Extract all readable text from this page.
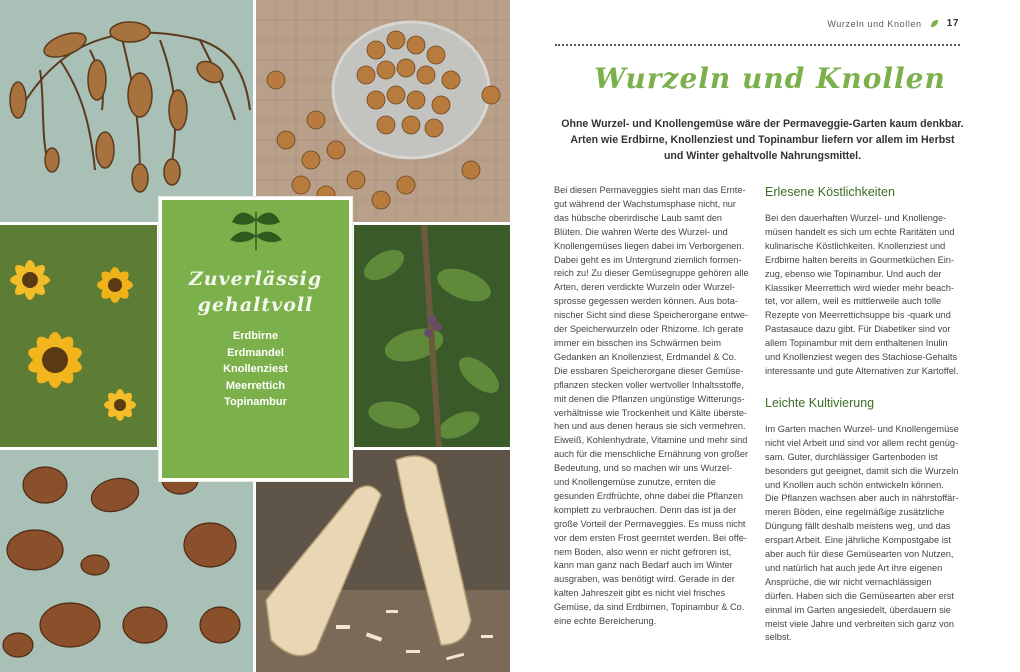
Zuverlässig
gehaltvoll
Erdbirne
Erdmandel
Knollenziest
Meerrettich
Topinambur
Wurzeln und Knollen	17
Wurzeln und Knollen

Ohne Wurzel- und Knollengemüse wäre der Permaveggie-Garten kaum denkbar. Arten wie Erdbirne, Knollenziest und Topinambur liefern vor allem im Herbst und Winter gehaltvolle Nahrungsmittel.

Bei diesen Permaveggies sieht man das Erntegut während der Wachstumsphase nicht, nur das hübsche oberirdische Laub samt den Blüten. Die wahren Werte des Wurzel- und Knollengemüses liegen dabei im Verborgenen. Dabei geht es im Untergrund ziemlich formenreich zu! Zu dieser Gemüsegruppe gehören alle Arten, deren verdickte Wurzeln oder Wurzelsprosse gegessen werden können. Aus botanischer Sicht sind diese Speicherorgane entweder Speicherwurzeln oder Rhizome. Ich gerate immer ein bisschen ins Schwärmen beim Gedanken an Knollenziest, Erdmandel & Co. Die essbaren Speicherorgane dieser Gemüsepflanzen stecken voller wertvoller Inhaltsstoffe, mit denen die Pflanzen ungünstige Witterungsverhältnisse wie Trockenheit und Kälte überstehen und aus denen heraus sie sich vermehren. Eiweiß, Kohlenhydrate, Vitamine und mehr sind auch für die menschliche Ernährung von großer Bedeutung, und so machen wir uns Wurzel- und Knollengemüse zunutze, ernten die gesunden Erdfrüchte, ohne dabei die Pflanzen komplett zu verbrauchen. Denn das ist ja der große Vorteil der Permaveggies. Es muss nicht vor dem ersten Frost geerntet werden. Bei offenem Boden, also wenn er nicht gefroren ist, kann man ganz nach Bedarf auch im Winter ausgraben, was benötigt wird. Gerade in der kalten Jahreszeit gibt es nicht viel frisches Gemüse, da sind Erdbirnen, Topinambur & Co. eine echte Bereicherung.

Erlesene Köstlichkeiten

Bei den dauerhaften Wurzel- und Knollengemüsen handelt es sich um echte Raritäten und kulinarische Köstlichkeiten. Knollenziest und Erdbirne halten bereits in Gourmetküchen Einzug, ebenso wie Topinambur. Und auch der Klassiker Meerrettich wird wieder mehr beachtet, vor allem, weil es mittlerweile auch tolle Rezepte von Meerrettichsuppe bis -quark und Pastasauce dazu gibt. Für Diabetiker sind vor allem Topinambur mit dem enthaltenen Inulin und Knollenziest wegen des Stachiose-Gehalts interessante und gute Alternativen zur Kartoffel.

Leichte Kultivierung

Im Garten machen Wurzel- und Knollengemüse nicht viel Arbeit und sind vor allem recht genügsam. Guter, durchlässiger Gartenboden ist besonders gut geeignet, damit sich die Wurzeln und Knollen auch schön entwickeln können. Die Pflanzen wachsen aber auch in nährstoffärmeren Böden, eine regelmäßige zusätzliche Düngung fällt deshalb meistens weg, und das erspart Arbeit. Eine jährliche Kompostgabe ist aber auch für diese Gemüsearten von Nutzen, und natürlich hat auch jede Art ihre eigenen Ansprüche, die wir nicht vernachlässigen dürfen. Haben sich die Gemüsearten aber erst einmal im Garten angesiedelt, überdauern sie meist viele Jahre und verbreiten sich ganz von selbst.
